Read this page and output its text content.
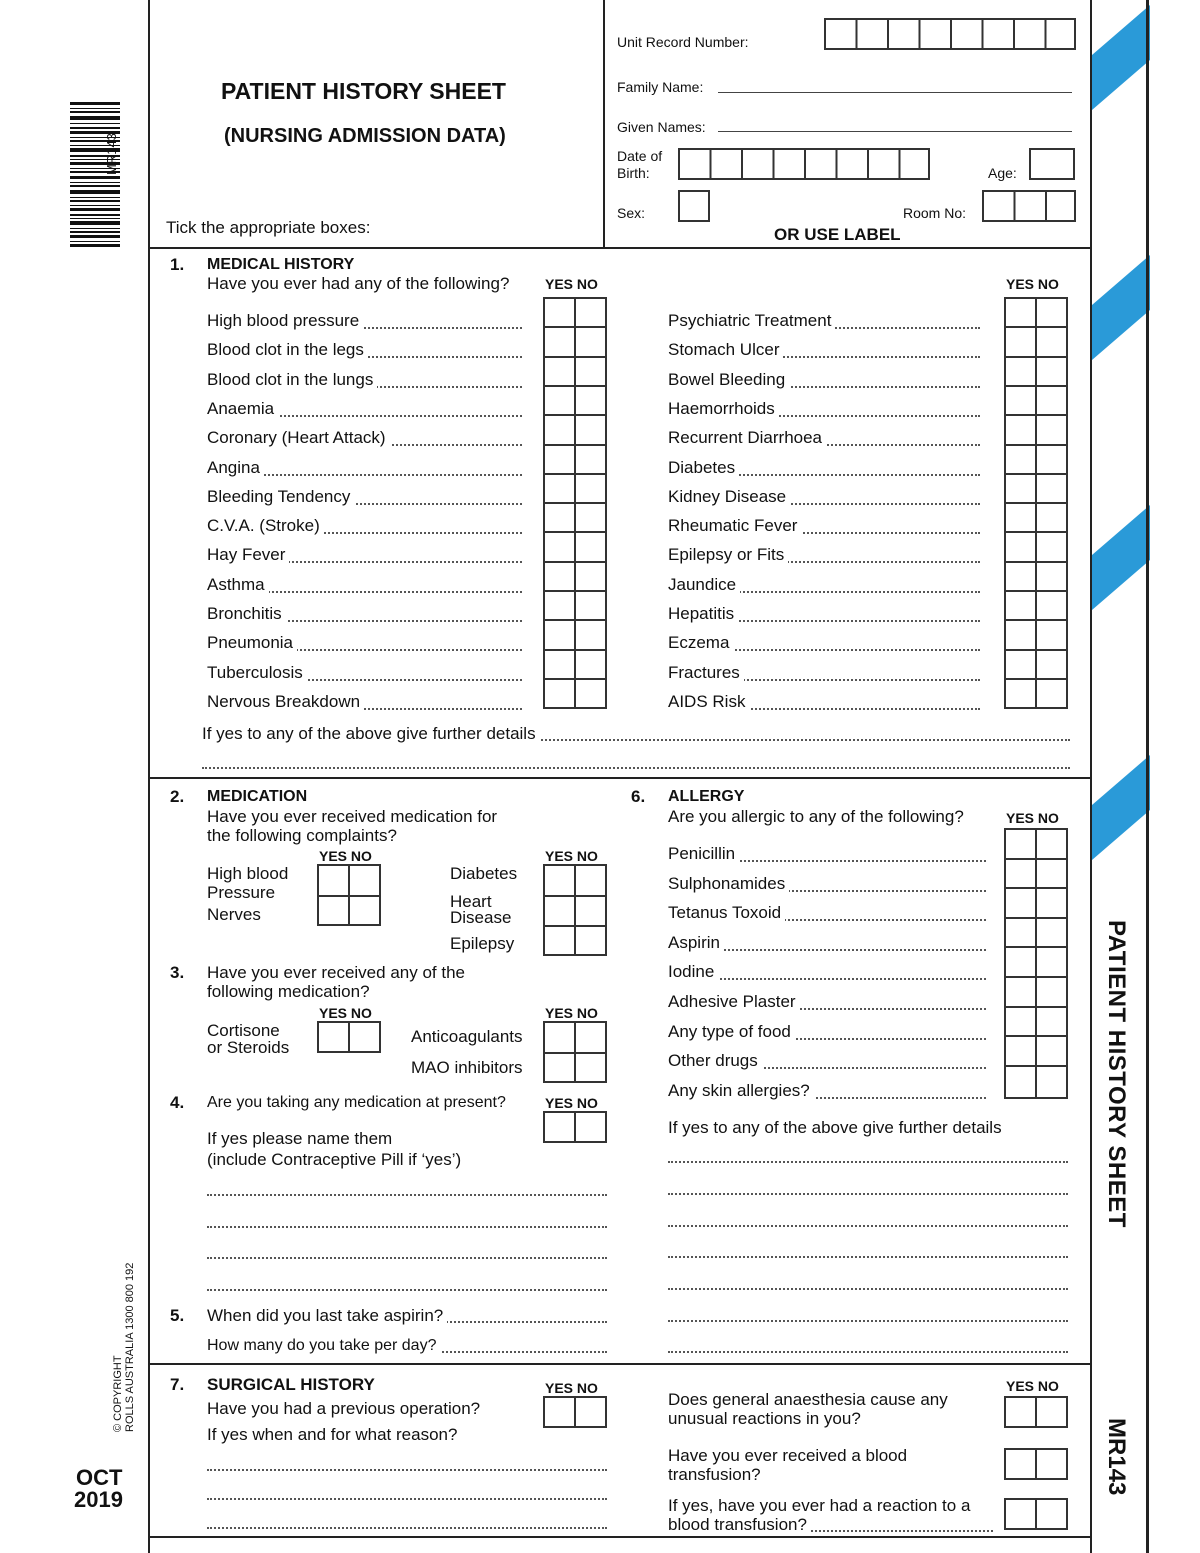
MR143
© COPYRIGHT ROLLS AUSTRALIA 1300 800 192
OCT
2019
PATIENT HISTORY SHEET
MR143
PATIENT HISTORY SHEET
(NURSING ADMISSION DATA)
Tick the appropriate boxes:
Unit Record Number:
Family Name:
Given Names:
Date of
Birth:	Age:
Sex:	Room No:
OR USE LABEL
1. MEDICAL HISTORY
Have you ever had any of the following?	YES NO	YES NO
High blood pressure
Blood clot in the legs
Blood clot in the lungs
Anaemia
Coronary (Heart Attack)
Angina
Bleeding Tendency
C.V.A. (Stroke)
Hay Fever
Asthma
Bronchitis
Pneumonia
Tuberculosis
Nervous Breakdown
Psychiatric Treatment
Stomach Ulcer
Bowel Bleeding
Haemorrhoids
Recurrent Diarrhoea
Diabetes
Kidney Disease
Rheumatic Fever
Epilepsy or Fits
Jaundice
Hepatitis
Eczema
Fractures
AIDS Risk
If yes to any of the above give further details
2. MEDICATION
Have you ever received medication for
the following complaints?
YES NO	YES NO
High blood
Pressure
Nerves
Diabetes
Heart
Disease
Epilepsy
3. Have you ever received any of the
following medication?
YES NO	YES NO
Cortisone
or Steroids
Anticoagulants
MAO inhibitors
4. Are you taking any medication at present?	YES NO
If yes please name them
(include Contraceptive Pill if ‘yes’)
5. When did you last take aspirin?
How many do you take per day?
6. ALLERGY
Are you allergic to any of the following?	YES NO
Penicillin
Sulphonamides
Tetanus Toxoid
Aspirin
Iodine
Adhesive Plaster
Any type of food
Other drugs
Any skin allergies?
If yes to any of the above give further details
7. SURGICAL HISTORY	YES NO
Have you had a previous operation?
If yes when and for what reason?
YES NO
Does general anaesthesia cause any
unusual reactions in you?
Have you ever received a blood
transfusion?
If yes, have you ever had a reaction to a
blood transfusion?
